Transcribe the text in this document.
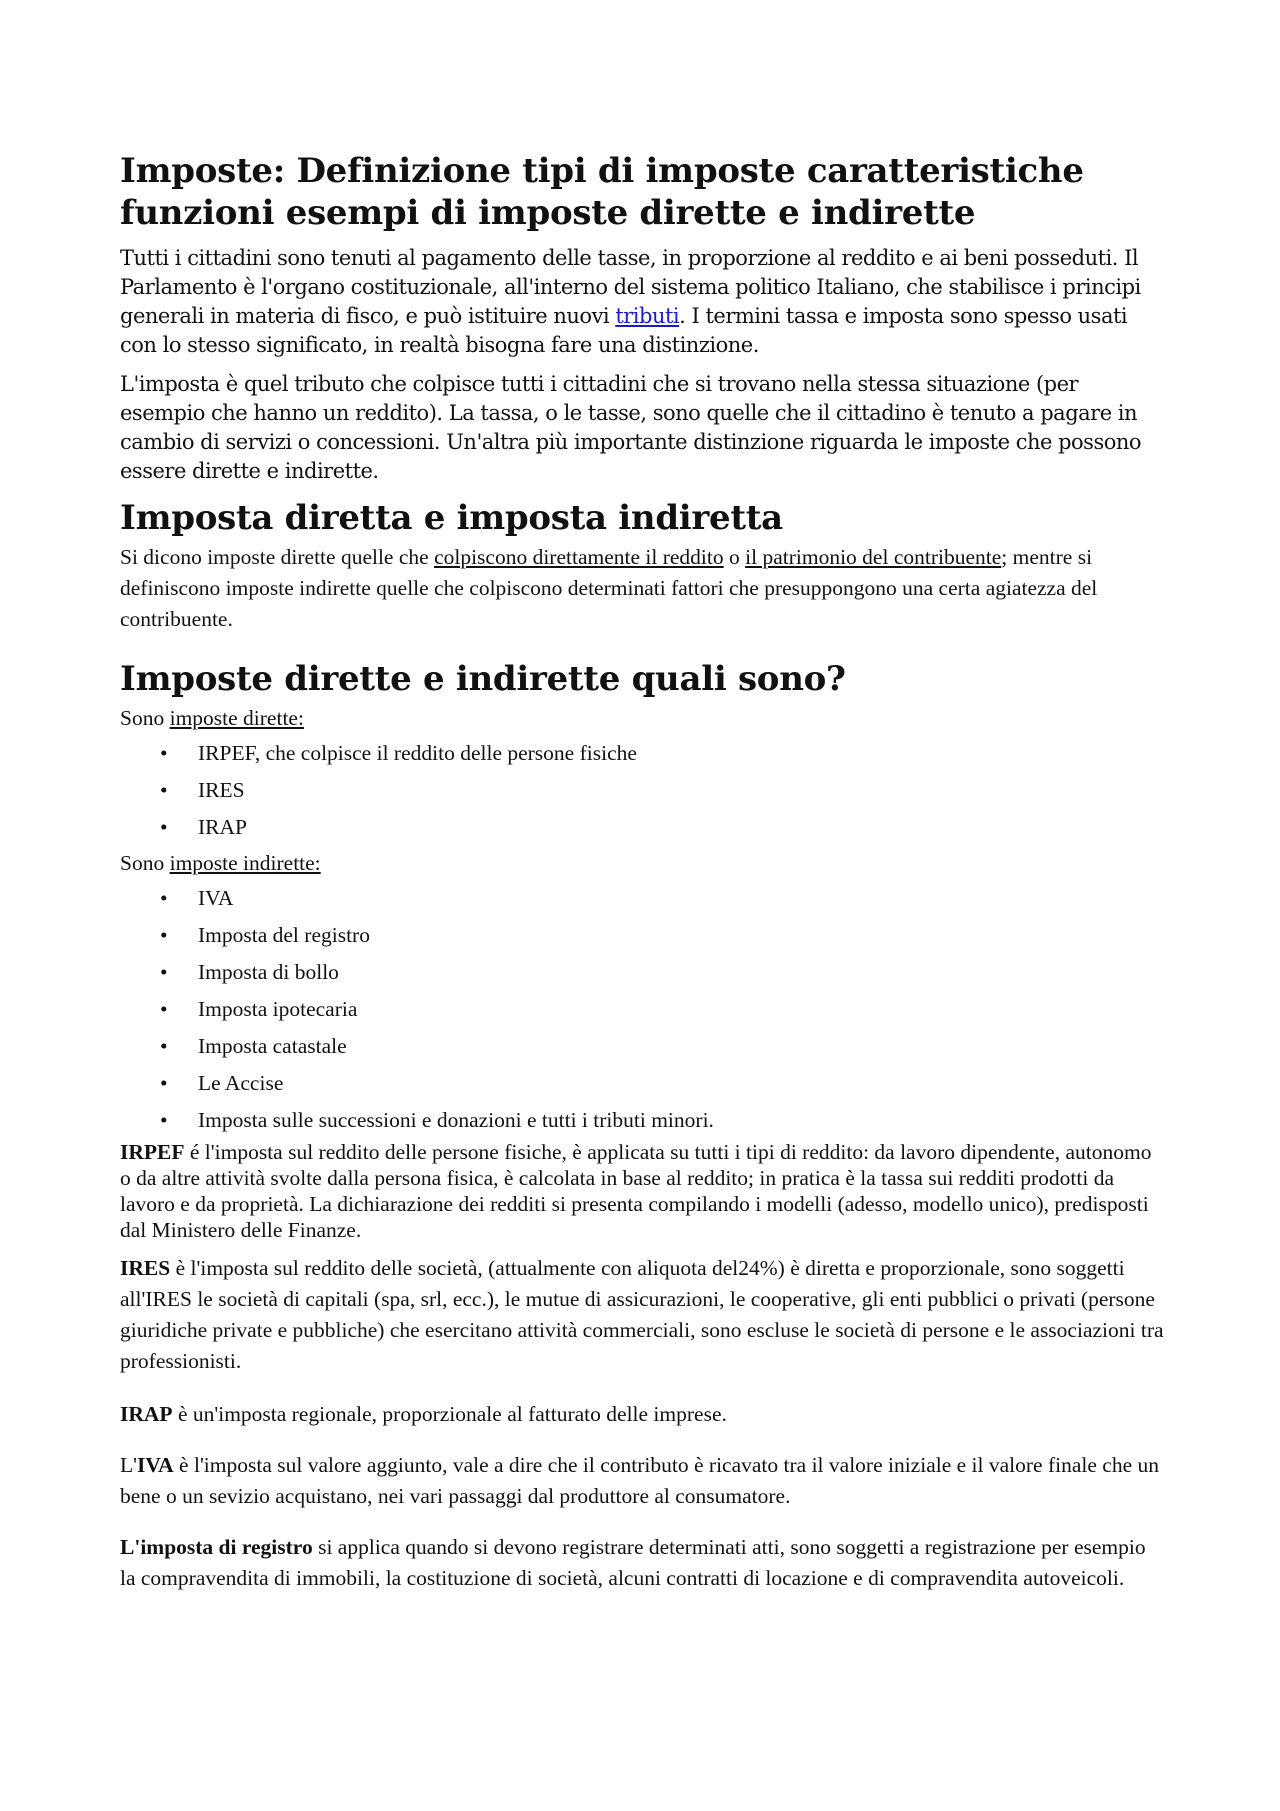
Imposte: Definizione tipi di imposte caratteristiche funzioni esempi di imposte dirette e indirette

Tutti i cittadini sono tenuti al pagamento delle tasse, in proporzione al reddito e ai beni posseduti. Il Parlamento è l'organo costituzionale, all'interno del sistema politico Italiano, che stabilisce i principi generali in materia di fisco, e può istituire nuovi tributi. I termini tassa e imposta sono spesso usati con lo stesso significato, in realtà bisogna fare una distinzione.

L'imposta è quel tributo che colpisce tutti i cittadini che si trovano nella stessa situazione (per esempio che hanno un reddito). La tassa, o le tasse, sono quelle che il cittadino è tenuto a pagare in cambio di servizi o concessioni. Un'altra più importante distinzione riguarda le imposte che possono essere dirette e indirette.

Imposta diretta e imposta indiretta

Si dicono imposte dirette quelle che colpiscono direttamente il reddito o il patrimonio del contribuente; mentre si definiscono imposte indirette quelle che colpiscono determinati fattori che presuppongono una certa agiatezza del contribuente.

Imposte dirette e indirette quali sono?

Sono imposte dirette:

• IRPEF, che colpisce il reddito delle persone fisiche
• IRES
• IRAP

Sono imposte indirette:

• IVA
• Imposta del registro
• Imposta di bollo
• Imposta ipotecaria
• Imposta catastale
• Le Accise
• Imposta sulle successioni e donazioni e tutti i tributi minori.

IRPEF é l'imposta sul reddito delle persone fisiche, è applicata su tutti i tipi di reddito: da lavoro dipendente, autonomo o da altre attività svolte dalla persona fisica, è calcolata in base al reddito; in pratica è la tassa sui redditi prodotti da lavoro e da proprietà. La dichiarazione dei redditi si presenta compilando i modelli (adesso, modello unico), predisposti dal Ministero delle Finanze.

IRES è l'imposta sul reddito delle società, (attualmente con aliquota del24%) è diretta e proporzionale, sono soggetti all'IRES le società di capitali (spa, srl, ecc.), le mutue di assicurazioni, le cooperative, gli enti pubblici o privati (persone giuridiche private e pubbliche) che esercitano attività commerciali, sono escluse le società di persone e le associazioni tra professionisti.

IRAP è un'imposta regionale, proporzionale al fatturato delle imprese.

L'IVA è l'imposta sul valore aggiunto, vale a dire che il contributo è ricavato tra il valore iniziale e il valore finale che un bene o un sevizio acquistano, nei vari passaggi dal produttore al consumatore.

L'imposta di registro si applica quando si devono registrare determinati atti, sono soggetti a registrazione per esempio la compravendita di immobili, la costituzione di società, alcuni contratti di locazione e di compravendita autoveicoli.
